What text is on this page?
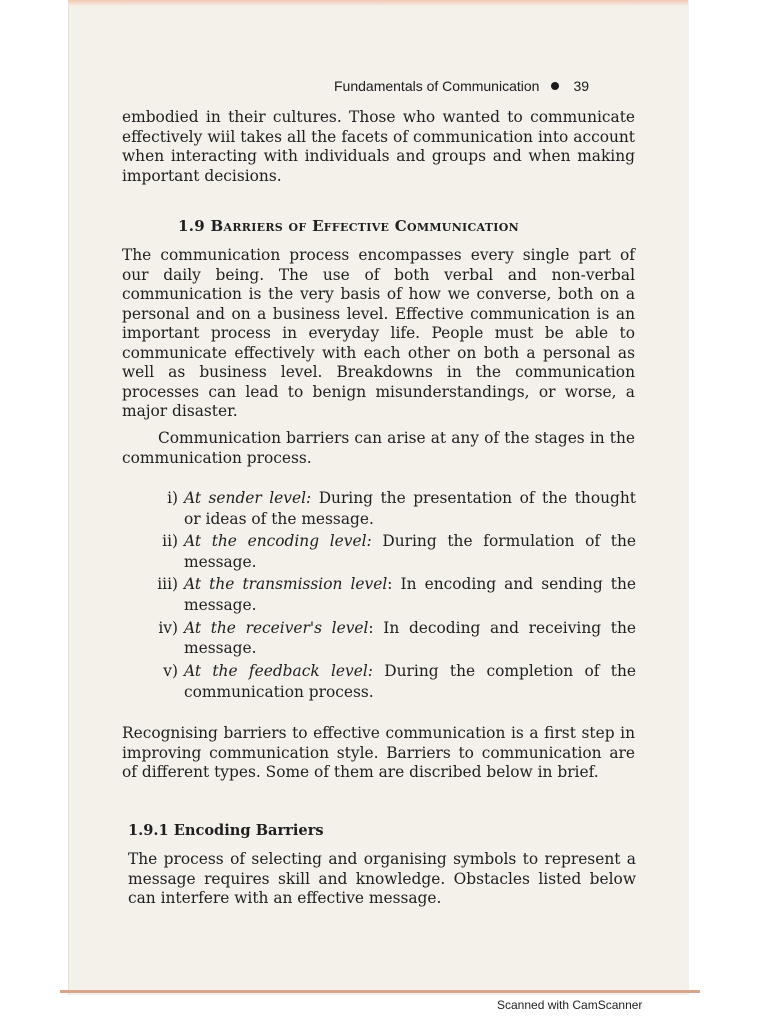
Fundamentals of Communication 39

embodied in their cultures. Those who wanted to communicate effectively wiil takes all the facets of communication into account when interacting with individuals and groups and when making important decisions.

1.9 Barriers of Effective Communication

The communication process encompasses every single part of our daily being. The use of both verbal and non-verbal communication is the very basis of how we converse, both on a personal and on a business level. Effective communication is an important process in everyday life. People must be able to communicate effectively with each other on both a personal as well as business level. Breakdowns in the communication processes can lead to benign misunderstandings, or worse, a major disaster.

Communication barriers can arise at any of the stages in the communication process.

i) At sender level: During the presentation of the thought or ideas of the message.
ii) At the encoding level: During the formulation of the message.
iii) At the transmission level: In encoding and sending the message.
iv) At the receiver's level: In decoding and receiving the message.
v) At the feedback level: During the completion of the communication process.

Recognising barriers to effective communication is a first step in improving communication style. Barriers to communication are of different types. Some of them are discribed below in brief.

1.9.1 Encoding Barriers

The process of selecting and organising symbols to represent a message requires skill and knowledge. Obstacles listed below can interfere with an effective message.

Scanned with CamScanner
